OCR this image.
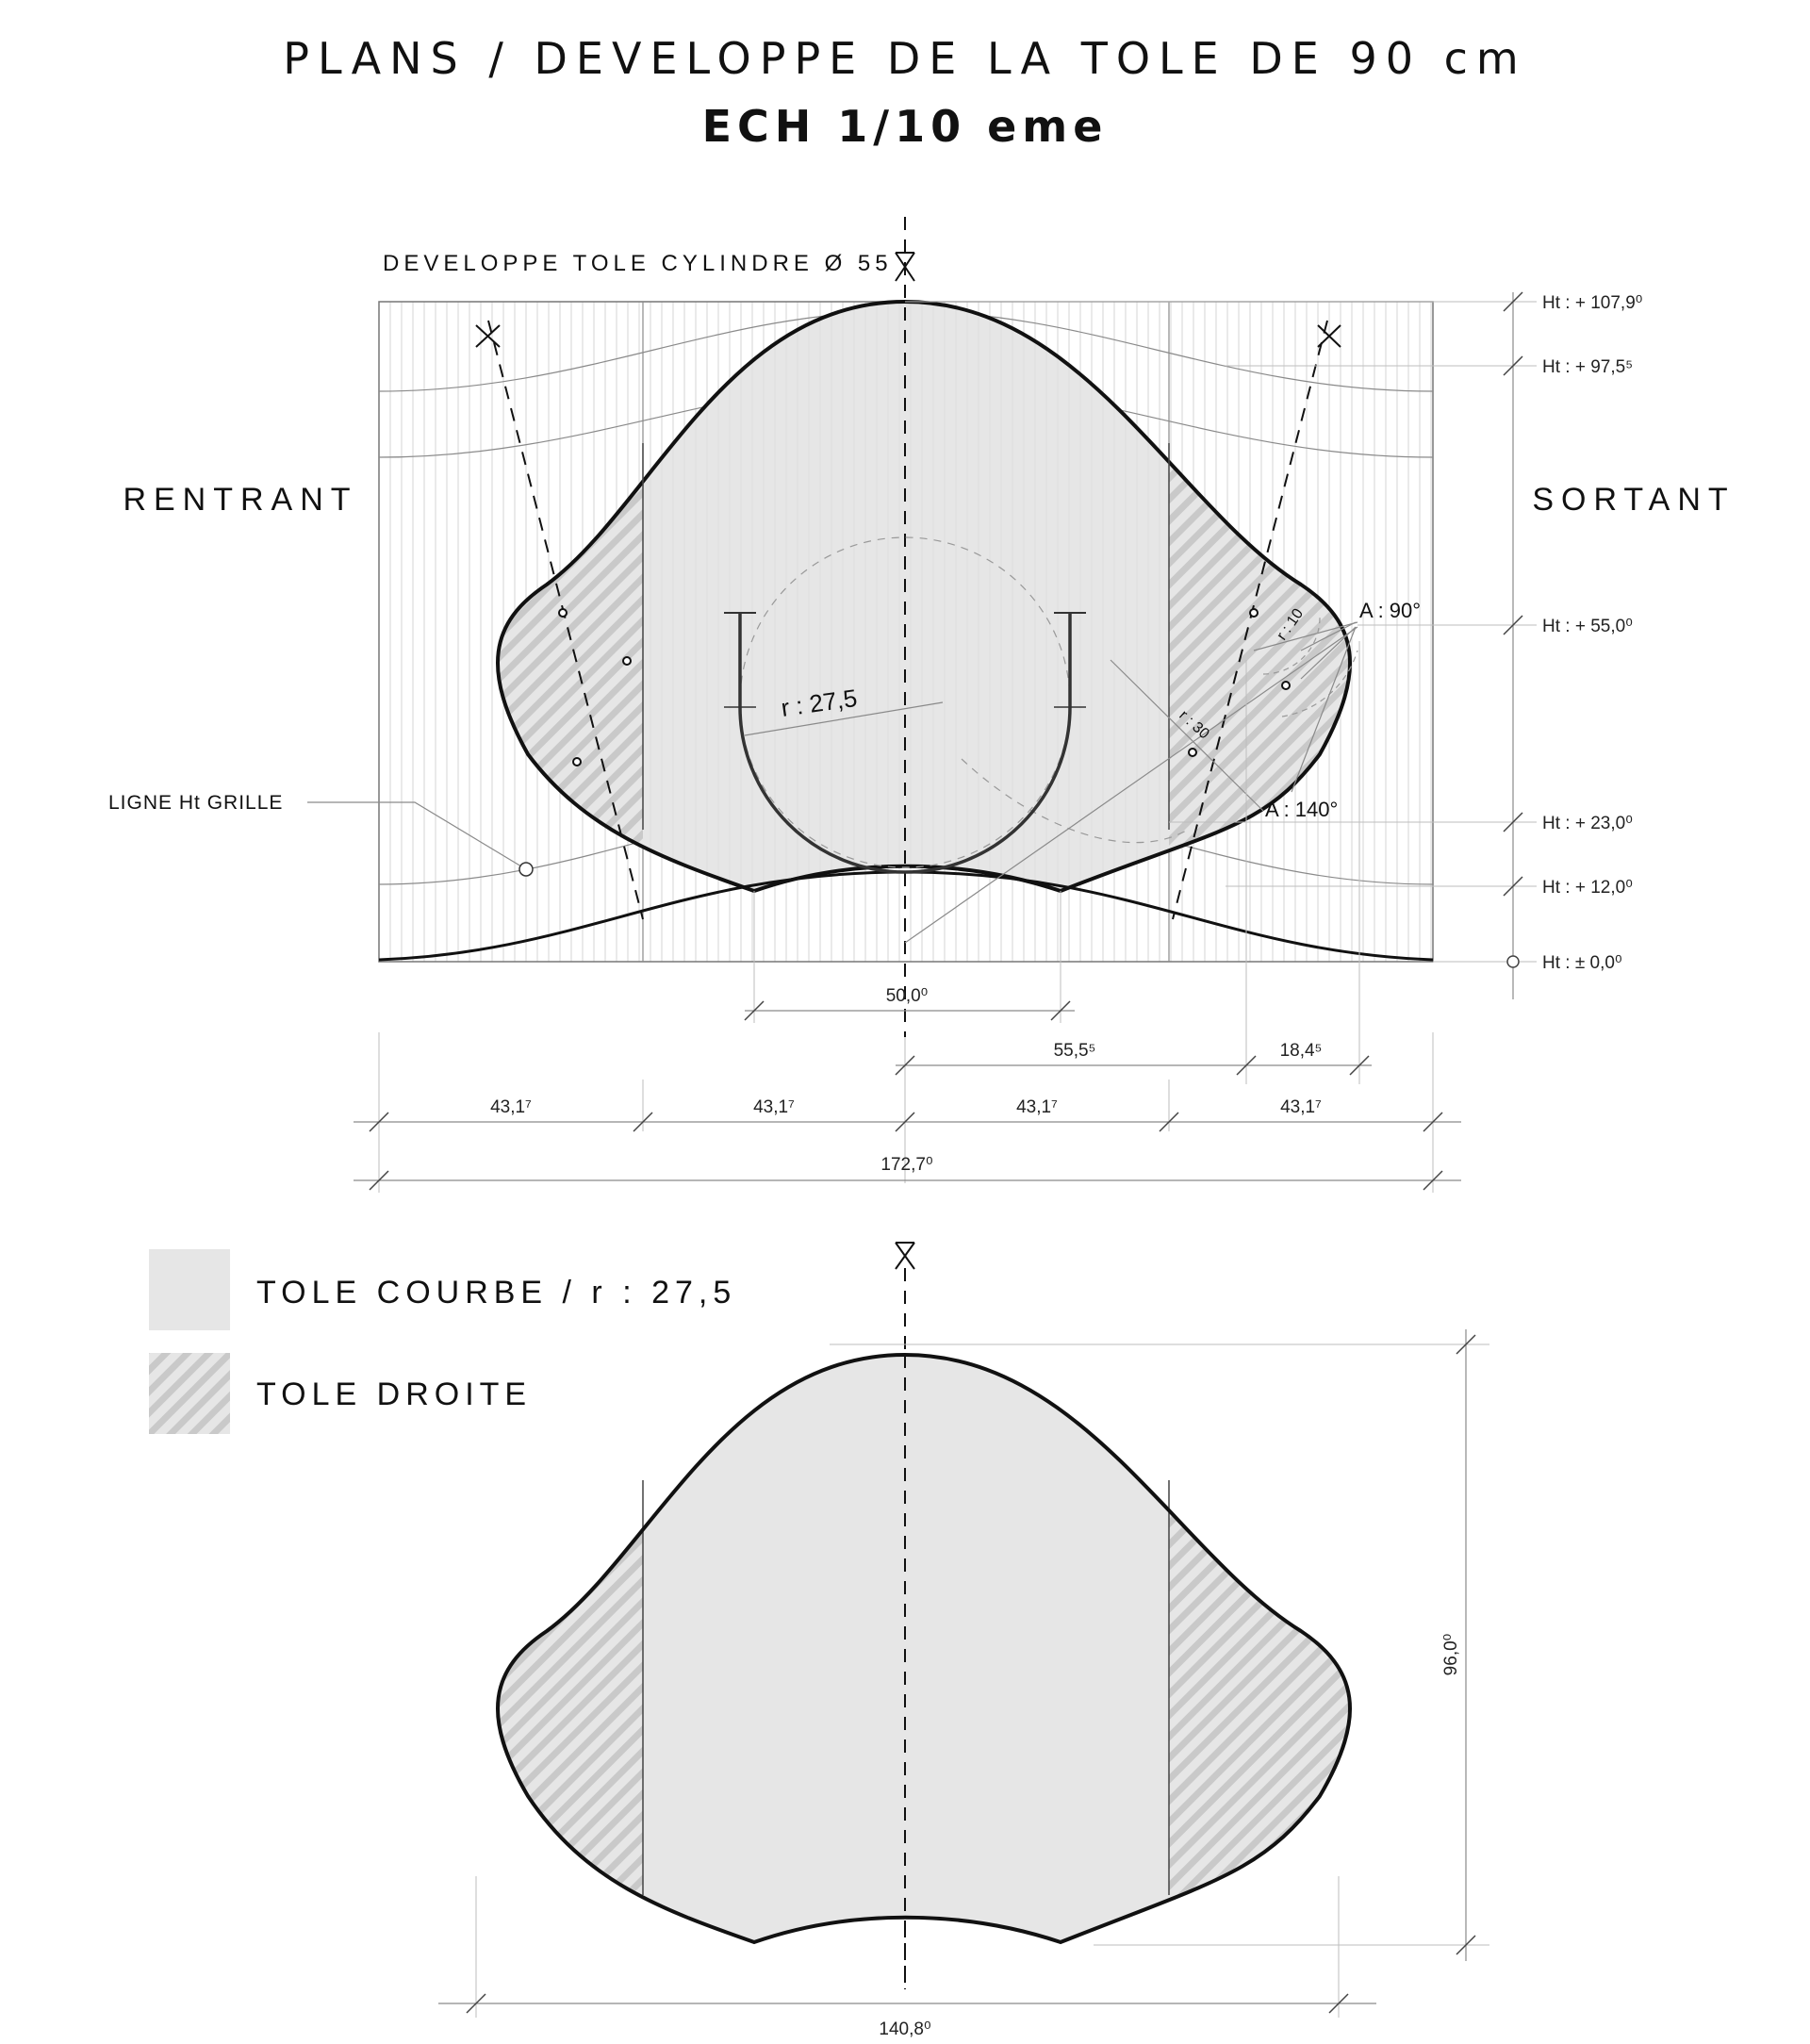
PLANS / DEVELOPPE DE LA TOLE DE 90 cm
ECH 1/10 eme
DEVELOPPE TOLE CYLINDRE Ø 55
r : 27,5
r : 10
r : 30
A : 90°
A : 140°
RENTRANT	SORTANT
LIGNE Ht GRILLE
Ht : + 107,9⁰
Ht : + 97,5⁵
Ht : + 55,0⁰
Ht : + 23,0⁰
Ht : + 12,0⁰
Ht : ± 0,0⁰
50,0⁰
55,5⁵	18,4⁵
43,1⁷	43,1⁷	43,1⁷	43,1⁷
172,7⁰
TOLE COURBE / r : 27,5
TOLE DROITE
96,0⁰
140,8⁰
